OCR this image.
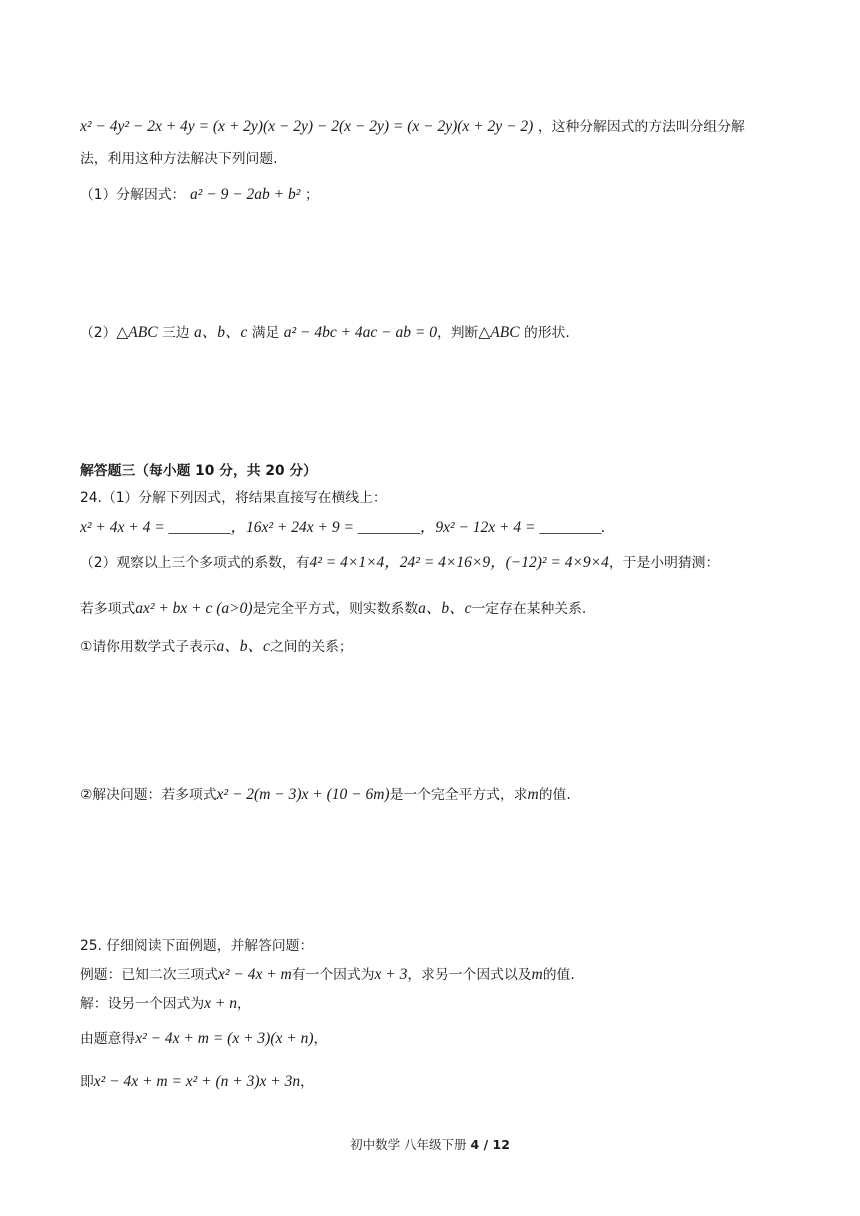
x² − 4y² − 2x + 4y = (x + 2y)(x − 2y) − 2(x − 2y) = (x − 2y)(x + 2y − 2) ，这种分解因式的方法叫分组分解
法，利用这种方法解决下列问题.
（1）分解因式： a² − 9 − 2ab + b² ；
（2）△ABC 三边 a、b、c 满足 a² − 4bc + 4ac − ab = 0，判断△ABC 的形状.
解答题三（每小题 10 分，共 20 分）
24.（1）分解下列因式，将结果直接写在横线上：
x² + 4x + 4 = ________，16x² + 24x + 9 = ________，9x² − 12x + 4 = ________.
（2）观察以上三个多项式的系数，有4² = 4×1×4，24² = 4×16×9，(−12)² = 4×9×4，于是小明猜测：
若多项式ax² + bx + c (a>0)是完全平方式，则实数系数a、b、c一定存在某种关系.
①请你用数学式子表示a、b、c之间的关系；
②解决问题：若多项式x² − 2(m − 3)x + (10 − 6m)是一个完全平方式，求m的值.
25. 仔细阅读下面例题，并解答问题：
例题：已知二次三项式x² − 4x + m有一个因式为x + 3，求另一个因式以及m的值.
解：设另一个因式为x + n，
由题意得x² − 4x + m = (x + 3)(x + n)，
即x² − 4x + m = x² + (n + 3)x + 3n，
初中数学 八年级下册 4 / 12
